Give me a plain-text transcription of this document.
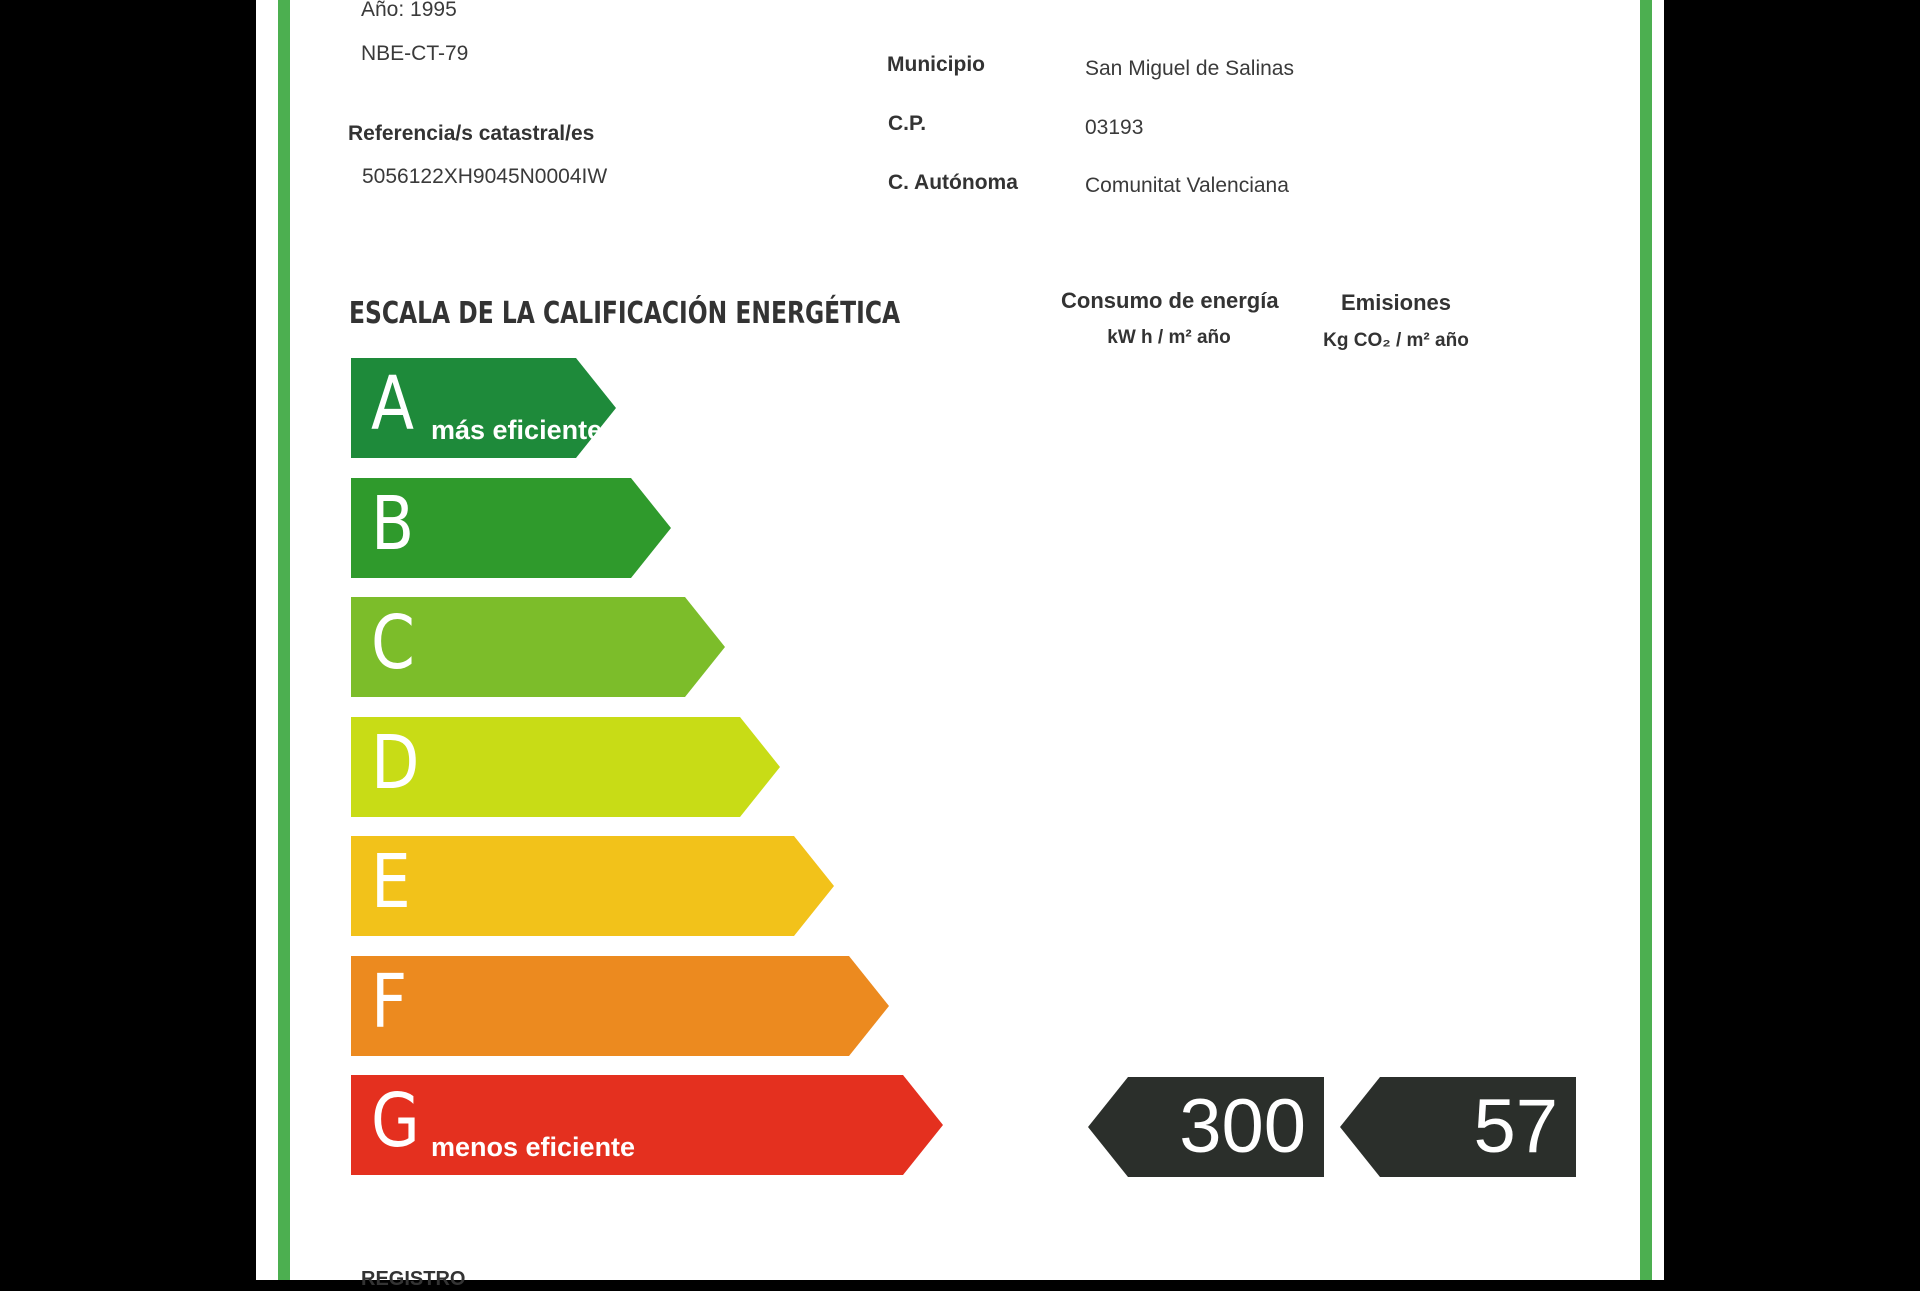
Año: 1995
NBE-CT-79
Referencia/s catastral/es
5056122XH9045N0004IW
Municipio	San Miguel de Salinas
C.P.	03193
C. Autónoma	Comunitat Valenciana
ESCALA DE LA CALIFICACIÓN ENERGÉTICA	Consumo de energía
kW h / m² año
Emisiones
Kg CO₂ / m² año
A más eficiente
B
C
D
E
F
G menos eficiente	300 57
REGISTRO
